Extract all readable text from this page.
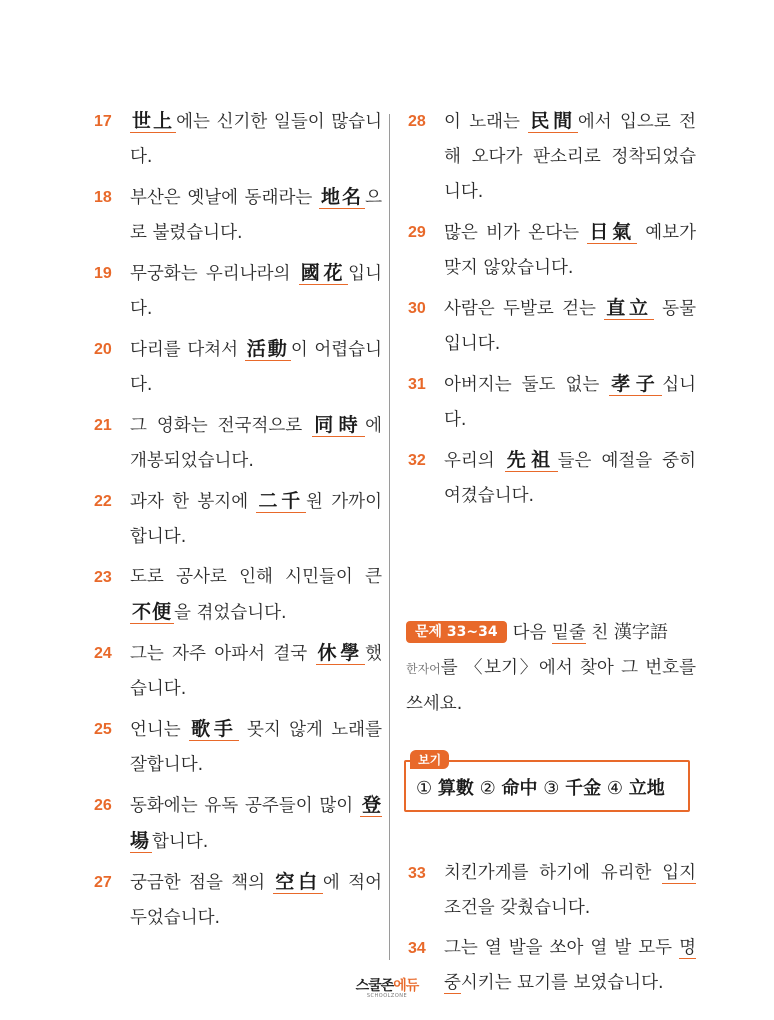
17 世上 에는 신기한 일들이 많습니다.
18 부산은 옛날에 동래라는 地名 으로 불렸습니다.
19 무궁화는 우리나라의 國花 입니다.
20 다리를 다쳐서 活動 이 어렵습니다.
21 그 영화는 전국적으로 同時 에 개봉되었습니다.
22 과자 한 봉지에 二千 원 가까이 합니다.
23 도로 공사로 인해 시민들이 큰 不便 을 겪었습니다.
24 그는 자주 아파서 결국 休學 했습니다.
25 언니는 歌手 못지 않게 노래를 잘합니다.
26 동화에는 유독 공주들이 많이 登場 합니다.
27 궁금한 점을 책의 空白 에 적어 두었습니다.
28 이 노래는 民間 에서 입으로 전해 오다가 판소리로 정착되었습니다.
29 많은 비가 온다는 日氣 예보가 맞지 않았습니다.
30 사람은 두발로 걷는 直立 동물입니다.
31 아버지는 둘도 없는 孝子 십니다.
32 우리의 先祖 들은 예절을 중히 여겼습니다.
문제 33~34 다음 밑줄 친 漢字語
한자어를 〈보기〉에서 찾아 그 번호를 쓰세요.
보기
① 算數 ② 命中 ③ 千金 ④ 立地
33 치킨가게를 하기에 유리한 입지 조건을 갖췄습니다.
34 그는 열 발을 쏘아 열 발 모두 명중시키는 묘기를 보였습니다.
스쿨존에듀
SCHOOLZONE
